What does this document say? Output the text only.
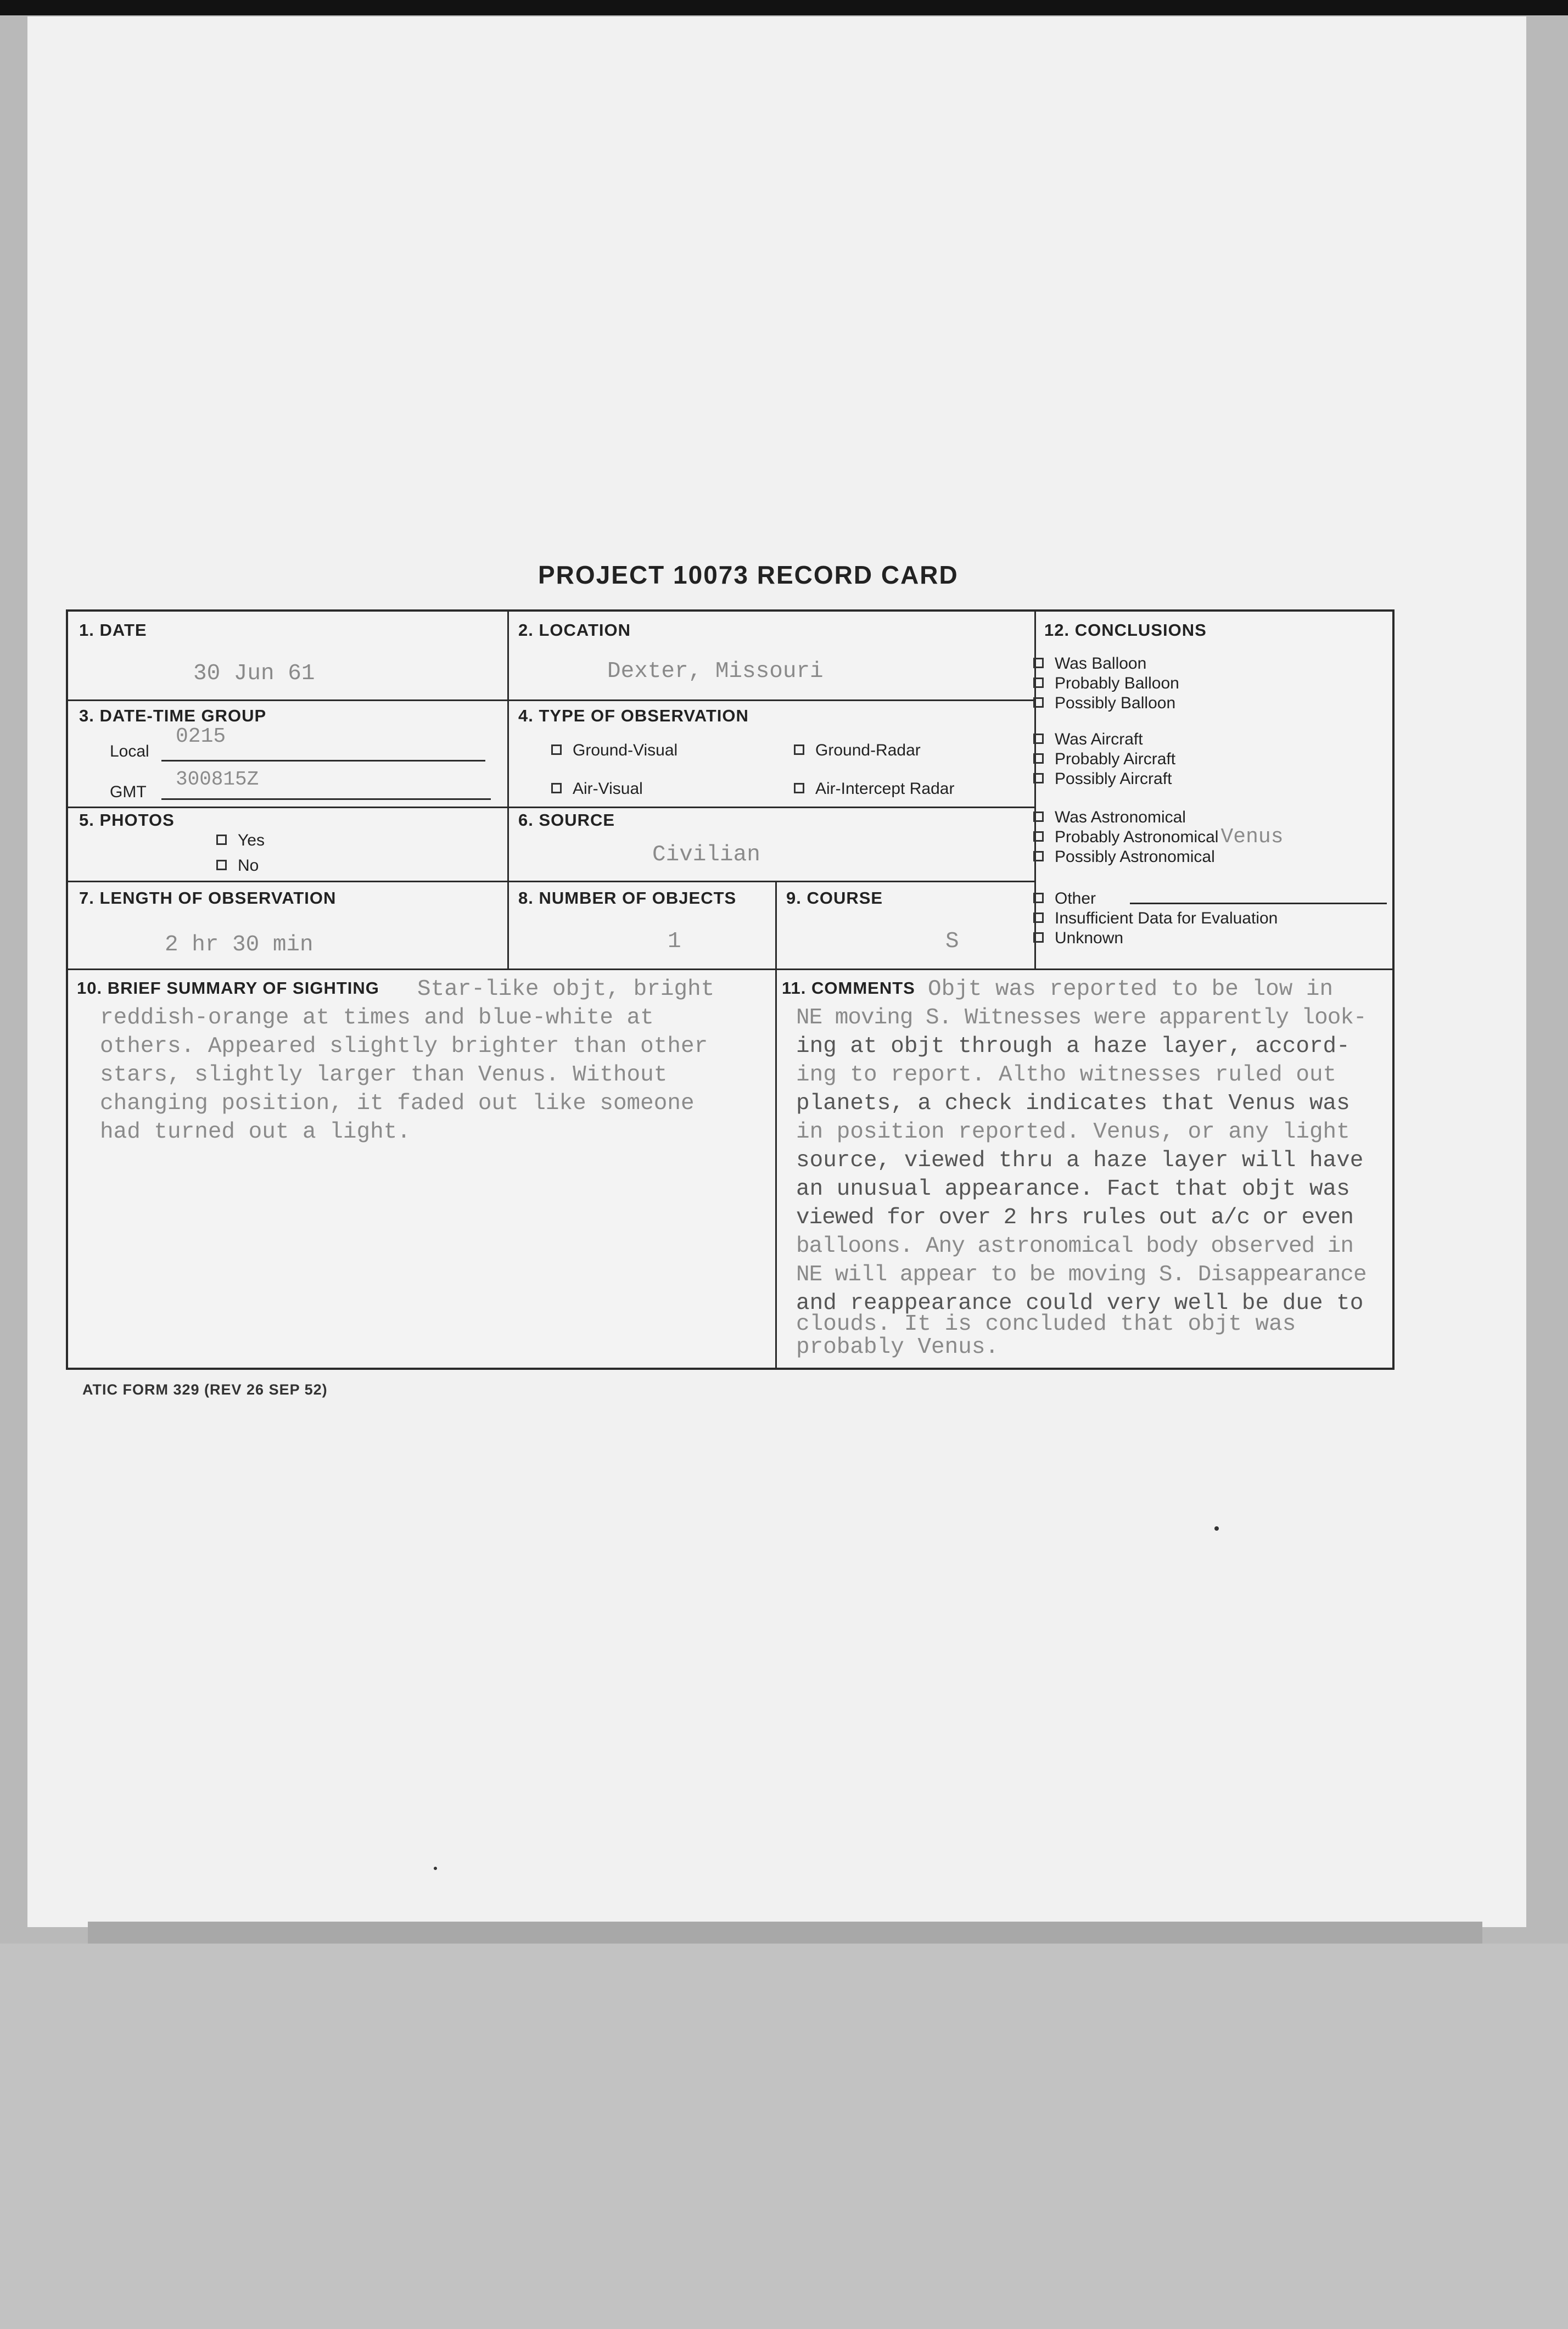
PROJECT 10073 RECORD CARD
1. DATE
30 Jun 61
2. LOCATION
Dexter, Missouri
3. DATE-TIME GROUP
Local
0215
GMT
300815Z
4. TYPE OF OBSERVATION
Ground-Visual	Ground-Radar
Air-Visual	Air-Intercept Radar
5. PHOTOS
Yes
No
6. SOURCE
Civilian
7. LENGTH OF OBSERVATION
2 hr 30 min
8. NUMBER OF OBJECTS
1
9. COURSE
S
12. CONCLUSIONS
10. BRIEF SUMMARY OF SIGHTING Star-like objt, bright
reddish-orange at times and blue-white at
others. Appeared slightly brighter than other
stars, slightly larger than Venus. Without
changing position, it faded out like someone
had turned out a light.
11. COMMENTS Objt was reported to be low in
NE moving S. Witnesses were apparently look-
ing at objt through a haze layer, accord-
ing to report. Altho witnesses ruled out
planets, a check indicates that Venus was
in position reported. Venus, or any light
source, viewed thru a haze layer will have
an unusual appearance. Fact that objt was
viewed for over 2 hrs rules out a/c or even
balloons. Any astronomical body observed in
NE will appear to be moving S. Disappearance
and reappearance could very well be due to
clouds. It is concluded that objt was
probably Venus.
Was Balloon
Probably Balloon
Possibly Balloon
Was Aircraft
Probably Aircraft
Possibly Aircraft
Was Astronomical
Probably Astronomical Venus
Possibly Astronomical
Other
Insufficient Data for Evaluation
Unknown
ATIC FORM 329 (REV 26 SEP 52)
